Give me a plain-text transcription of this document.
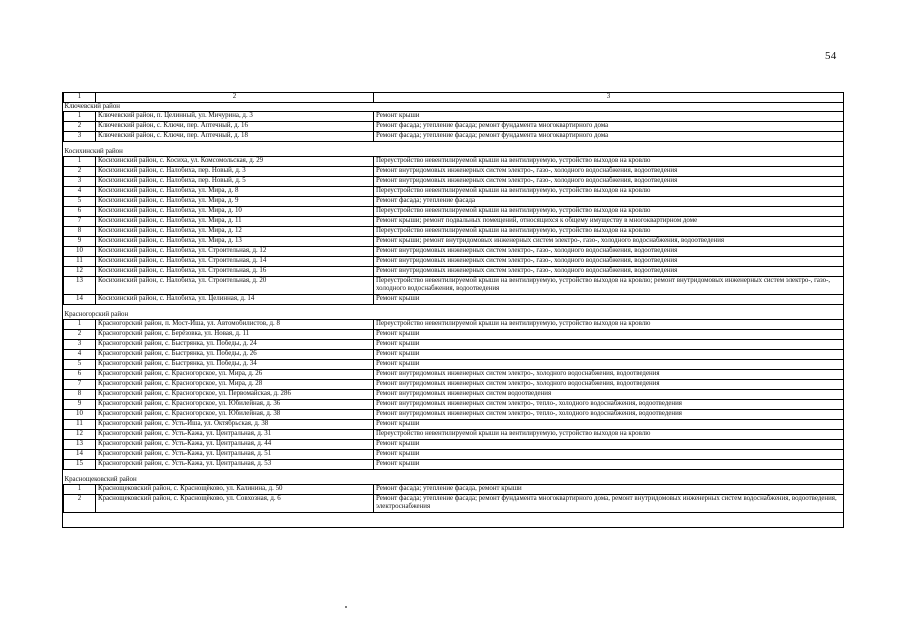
54
1	2	3
Ключевский район		
1	Ключевский район, п. Целинный, ул. Мичурина, д. 3	Ремонт крыши
2	Ключевский район, с. Ключи, пер. Аптечный, д. 16	Ремонт фасада; утепление фасада; ремонт фундамента многоквартирного дома
3	Ключевский район, с. Ключи, пер. Аптечный, д. 18	Ремонт фасада; утепление фасада; ремонт фундамента многоквартирного дома

Косихинский район		
1	Косихинский район, с. Косиха, ул. Комсомольская, д. 29	Переустройство невентилируемой крыши на вентилируемую, устройство выходов на кровлю
2	Косихинский район, с. Налобиха, пер. Новый, д. 3	Ремонт внутридомовых инженерных систем электро-, газо-, холодного водоснабжения, водоотведения
3	Косихинский район, с. Налобиха, пер. Новый, д. 5	Ремонт внутридомовых инженерных систем электро-, газо-, холодного водоснабжения, водоотведения
4	Косихинский район, с. Налобиха, ул. Мира, д. 8	Переустройство невентилируемой крыши на вентилируемую, устройство выходов на кровлю
5	Косихинский район, с. Налобиха, ул. Мира, д. 9	Ремонт фасада; утепление фасада
6	Косихинский район, с. Налобиха, ул. Мира, д. 10	Переустройство невентилируемой крыши на вентилируемую, устройство выходов на кровлю
7	Косихинский район, с. Налобиха, ул. Мира, д. 11	Ремонт крыши; ремонт подвальных помещений, относящихся к общему имуществу в многоквартирном доме
8	Косихинский район, с. Налобиха, ул. Мира, д. 12	Переустройство невентилируемой крыши на вентилируемую, устройство выходов на кровлю
9	Косихинский район, с. Налобиха, ул. Мира, д. 13	Ремонт крыши; ремонт внутридомовых инженерных систем электро-, газо-, холодного водоснабжения, водоотведения
10	Косихинский район, с. Налобиха, ул. Строительная, д. 12	Ремонт внутридомовых инженерных систем электро-, газо-, холодного водоснабжения, водоотведения
11	Косихинский район, с. Налобиха, ул. Строительная, д. 14	Ремонт внутридомовых инженерных систем электро-, газо-, холодного водоснабжения, водоотведения
12	Косихинский район, с. Налобиха, ул. Строительная, д. 16	Ремонт внутридомовых инженерных систем электро-, газо-, холодного водоснабжения, водоотведения
13	Косихинский район, с. Налобиха, ул. Строительная, д. 20	Переустройство невентилируемой крыши на вентилируемую, устройство выходов на кровлю; ремонт внутридомовых инженерных систем электро-, газо-, холодного водоснабжения, водоотведения
14	Косихинский район, с. Налобиха, ул. Целинная, д. 14	Ремонт крыши

Красногорский район		
1	Красногорский район, п. Мост-Иша, ул. Автомобилистов, д. 8	Переустройство невентилируемой крыши на вентилируемую, устройство выходов на кровлю
2	Красногорский район, с. Берёзовка, ул. Новая, д. 11	Ремонт крыши
3	Красногорский район, с. Быстрянка, ул. Победы, д. 24	Ремонт крыши
4	Красногорский район, с. Быстрянка, ул. Победы, д. 26	Ремонт крыши
5	Красногорский район, с. Быстрянка, ул. Победы, д. 34	Ремонт крыши
6	Красногорский район, с. Красногорское, ул. Мира, д. 26	Ремонт внутридомовых инженерных систем электро-, холодного водоснабжения, водоотведения
7	Красногорский район, с. Красногорское, ул. Мира, д. 28	Ремонт внутридомовых инженерных систем электро-, холодного водоснабжения, водоотведения
8	Красногорский район, с. Красногорское, ул. Первомайская, д. 286	Ремонт внутридомовых инженерных систем водоотведения
9	Красногорский район, с. Красногорское, ул. Юбилейная, д. 36	Ремонт внутридомовых инженерных систем электро-, тепло-, холодного водоснабжения, водоотведения
10	Красногорский район, с. Красногорское, ул. Юбилейная, д. 38	Ремонт внутридомовых инженерных систем электро-, тепло-, холодного водоснабжения, водоотведения
11	Красногорский район, с. Усть-Иша, ул. Октябрьская, д. 38	Ремонт крыши
12	Красногорский район, с. Усть-Кажа, ул. Центральная, д. 31	Переустройство невентилируемой крыши на вентилируемую, устройство выходов на кровлю
13	Красногорский район, с. Усть-Кажа, ул. Центральная, д. 44	Ремонт крыши
14	Красногорский район, с. Усть-Кажа, ул. Центральная, д. 51	Ремонт крыши
15	Красногорский район, с. Усть-Кажа, ул. Центральная, д. 53	Ремонт крыши

Краснощековский район		
1	Краснощековский район, с. Краснощёково, ул. Калинина, д. 50	Ремонт фасада; утепление фасада, ремонт крыши
2	Краснощековский район, с. Краснощёково, ул. Совхозная, д. 6	Ремонт фасада; утепление фасада; ремонт фундамента многоквартирного дома, ремонт внутридомовых инженерных систем водоснабжения, водоотведения, электроснабжения
